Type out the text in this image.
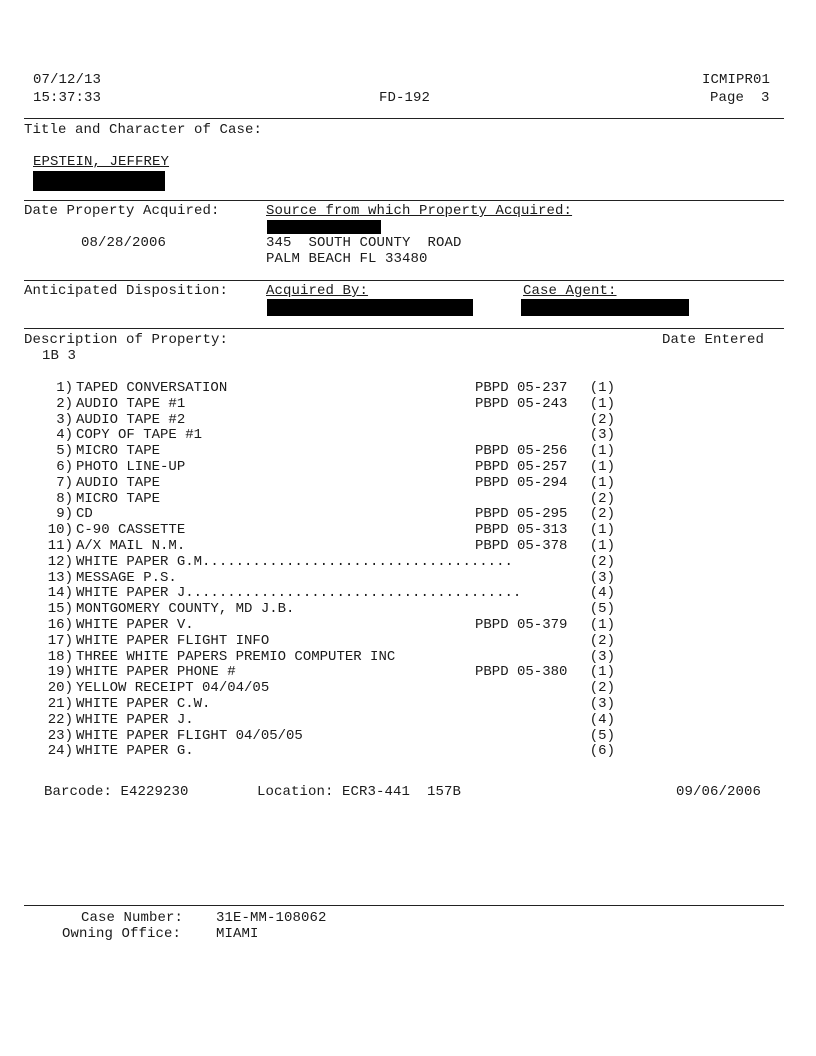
07/12/13
15:37:33	FD-192
ICMIPR01
Page  3
Title and Character of Case:
EPSTEIN, JEFFREY
Date Property Acquired:	Source from which Property Acquired:
08/28/2006	345  SOUTH COUNTY  ROAD
PALM BEACH FL 33480
Anticipated Disposition:	Acquired By:	Case Agent:
Description of Property:	Date Entered
1B 3
1) TAPED CONVERSATION	PBPD 05-237	(1)
2) AUDIO TAPE #1	PBPD 05-243	(1)
3) AUDIO TAPE #2	(2)
4) COPY OF TAPE #1	(3)
5) MICRO TAPE	PBPD 05-256	(1)
6) PHOTO LINE-UP	PBPD 05-257	(1)
7) AUDIO TAPE	PBPD 05-294	(1)
8) MICRO TAPE	(2)
9) CD	PBPD 05-295	(2)
10) C-90 CASSETTE	PBPD 05-313	(1)
11) A/X MAIL N.M.	PBPD 05-378	(1)
12) WHITE PAPER G.M.....................................	(2)
13) MESSAGE P.S.	(3)
14) WHITE PAPER J........................................	(4)
15) MONTGOMERY COUNTY, MD J.B.	(5)
16) WHITE PAPER V.	PBPD 05-379	(1)
17) WHITE PAPER FLIGHT INFO	(2)
18) THREE WHITE PAPERS PREMIO COMPUTER INC	(3)
19) WHITE PAPER PHONE #	PBPD 05-380	(1)
20) YELLOW RECEIPT 04/04/05	(2)
21) WHITE PAPER C.W.	(3)
22) WHITE PAPER J.	(4)
23) WHITE PAPER FLIGHT 04/05/05	(5)
24) WHITE PAPER G.	(6)
Barcode: E4229230	Location: ECR3-441  157B	09/06/2006
Case Number: 31E-MM-108062
Owning Office: MIAMI
